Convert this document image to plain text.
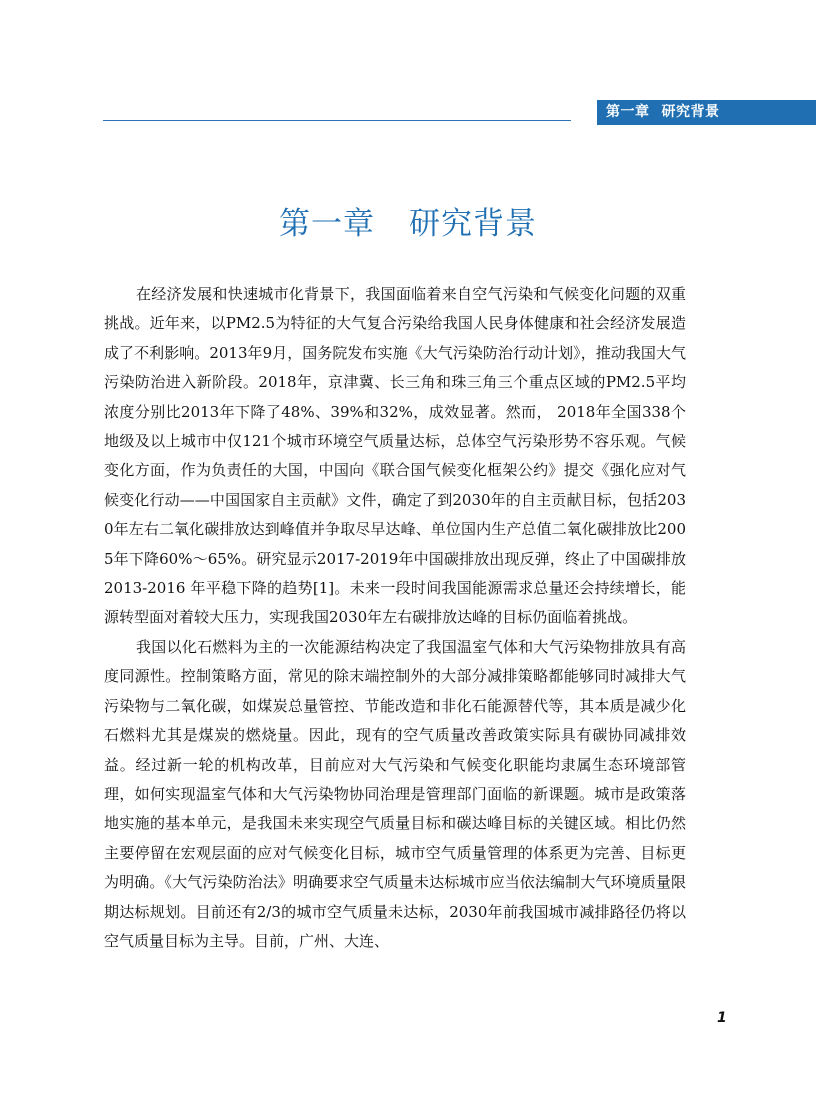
第一章 研究背景
第一章 研究背景

在经济发展和快速城市化背景下，我国面临着来自空气污染和气候变化问题的双重挑战。近年来，以PM2.5为特征的大气复合污染给我国人民身体健康和社会经济发展造成了不利影响。2013年9月，国务院发布实施《大气污染防治行动计划》，推动我国大气污染防治进入新阶段。2018年，京津冀、长三角和珠三角三个重点区域的PM2.5平均浓度分别比2013年下降了48%、39%和32%，成效显著。然而， 2018年全国338个地级及以上城市中仅121个城市环境空气质量达标，总体空气污染形势不容乐观。气候变化方面，作为负责任的大国，中国向《联合国气候变化框架公约》提交《强化应对气候变化行动——中国国家自主贡献》文件，确定了到2030年的自主贡献目标，包括2030年左右二氧化碳排放达到峰值并争取尽早达峰、单位国内生产总值二氧化碳排放比2005年下降60%～65%。研究显示2017-2019年中国碳排放出现反弹，终止了中国碳排放 2013-2016 年平稳下降的趋势[1]。未来一段时间我国能源需求总量还会持续增长，能源转型面对着较大压力，实现我国2030年左右碳排放达峰的目标仍面临着挑战。

我国以化石燃料为主的一次能源结构决定了我国温室气体和大气污染物排放具有高度同源性。控制策略方面，常见的除末端控制外的大部分减排策略都能够同时减排大气污染物与二氧化碳，如煤炭总量管控、节能改造和非化石能源替代等，其本质是减少化石燃料尤其是煤炭的燃烧量。因此，现有的空气质量改善政策实际具有碳协同减排效益。经过新一轮的机构改革，目前应对大气污染和气候变化职能均隶属生态环境部管理，如何实现温室气体和大气污染物协同治理是管理部门面临的新课题。城市是政策落地实施的基本单元，是我国未来实现空气质量目标和碳达峰目标的关键区域。相比仍然主要停留在宏观层面的应对气候变化目标，城市空气质量管理的体系更为完善、目标更为明确。《大气污染防治法》明确要求空气质量未达标城市应当依法编制大气环境质量限期达标规划。目前还有2/3的城市空气质量未达标，2030年前我国城市减排路径仍将以空气质量目标为主导。目前，广州、大连、

1
